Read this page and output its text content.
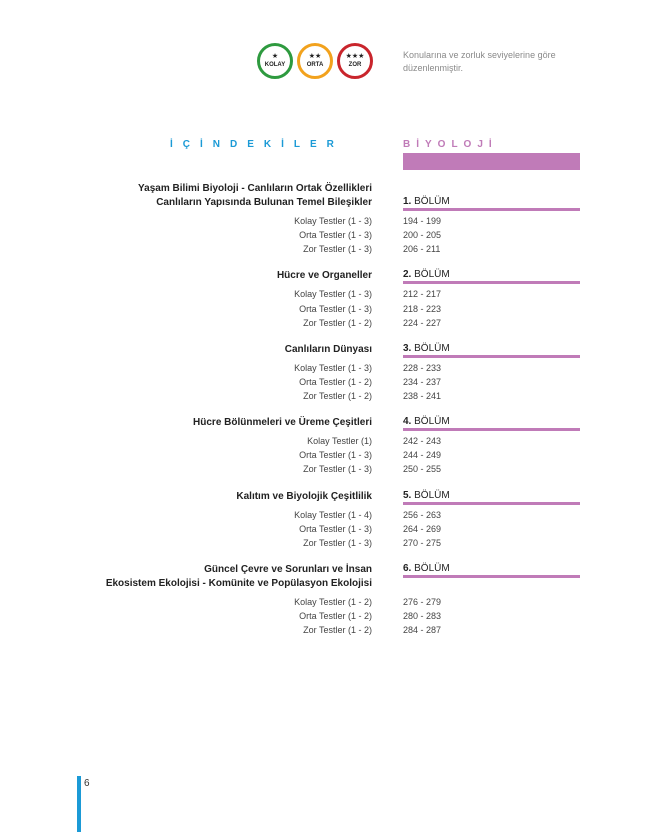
★
KOLAY
★★
ORTA
★★★
ZOR
Konularına ve zorluk seviyelerine göre düzenlenmiştir.
İÇİNDEKİLER	BİYOLOJİ
Yaşam Bilimi Biyoloji - Canlıların Ortak Özellikleri
Canlıların Yapısında Bulunan Temel Bileşikler	1. BÖLÜM
Kolay Testler (1 - 3)	194 - 199
Orta Testler (1 - 3)	200 - 205
Zor Testler (1 - 3)	206 - 211
Hücre ve Organeller	2. BÖLÜM
Kolay Testler (1 - 3)	212 - 217
Orta Testler (1 - 3)	218 - 223
Zor Testler (1 - 2)	224 - 227
Canlıların Dünyası	3. BÖLÜM
Kolay Testler (1 - 3)	228 - 233
Orta Testler (1 - 2)	234 - 237
Zor Testler (1 - 2)	238 - 241
Hücre Bölünmeleri ve Üreme Çeşitleri	4. BÖLÜM
Kolay Testler (1)	242 - 243
Orta Testler (1 - 3)	244 - 249
Zor Testler (1 - 3)	250 - 255
Kalıtım ve Biyolojik Çeşitlilik	5. BÖLÜM
Kolay Testler (1 - 4)	256 - 263
Orta Testler (1 - 3)	264 - 269
Zor Testler (1 - 3)	270 - 275
Güncel Çevre ve Sorunları ve İnsan
Ekosistem Ekolojisi - Komünite ve Popülasyon Ekolojisi
6. BÖLÜM
Kolay Testler (1 - 2)	276 - 279
Orta Testler (1 - 2)	280 - 283
Zor Testler (1 - 2)	284 - 287
6
